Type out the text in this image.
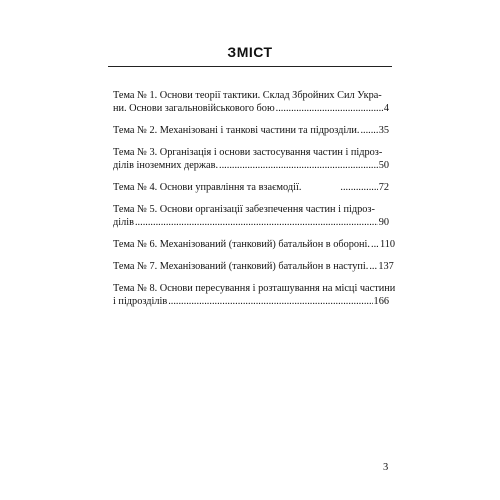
ЗМІСТ
Тема № 1. Основи теорії тактики. Склад Збройних Сил Укра-
ни. Основи загальновійськового бою .....	4
Тема № 2. Механізовані і танкові частини та підрозділи. ..... 35
Тема № 3. Організація і основи застосування частин і підроз-
ділів іноземних держав. .....	50
Тема № 4. Основи управління та взаємодії. .....	72
Тема № 5. Основи організації забезпечення частин і підроз-
ділів .....	90
Тема № 6. Механізований (танковий) батальйон в обороні. ..... 110
Тема № 7. Механізований (танковий) батальйон в наступі. ..... 137
Тема № 8. Основи пересування і розташування на місці частини
і підрозділів .....	166
3
